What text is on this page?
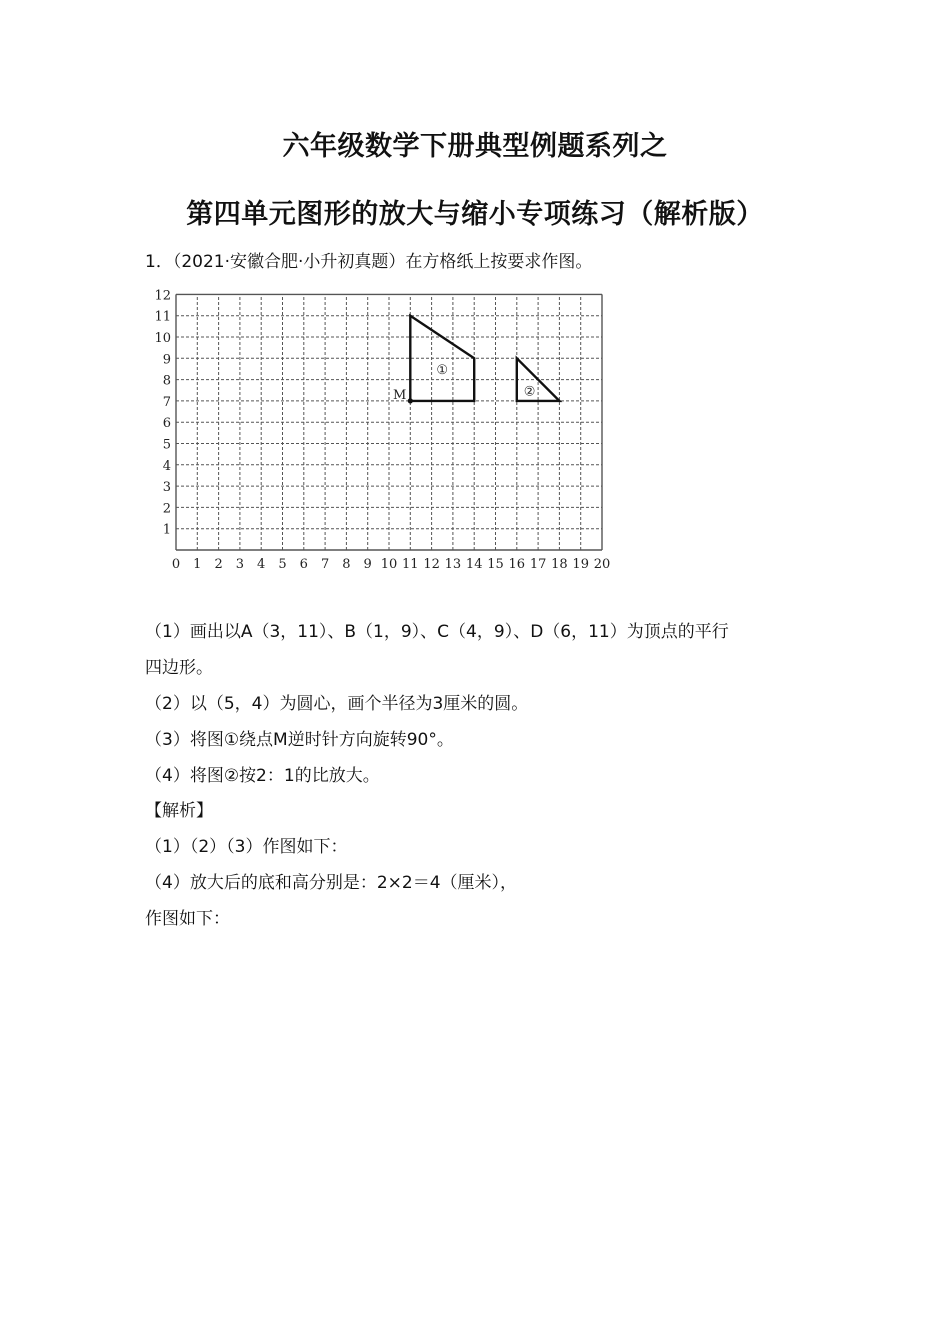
六年级数学下册典型例题系列之
第四单元图形的放大与缩小专项练习（解析版）

1．（2021·安徽合肥·小升初真题）在方格纸上按要求作图。

0 1 2 3 4 5 6 7 8 9 10 11 12 13 14 15 16 17 18 19 20
1
2
3
4
5
6
7
8
9
10
11
12
①
②
M

（1）画出以A（3，11）、B（1，9）、C（4，9）、D（6，11）为顶点的平行

四边形。

（2）以（5，4）为圆心，画个半径为3厘米的圆。

（3）将图①绕点M逆时针方向旋转90°。

（4）将图②按2：1的比放大。

【解析】

（1）（2）（3）作图如下：

（4）放大后的底和高分别是：2×2＝4（厘米），

作图如下：
